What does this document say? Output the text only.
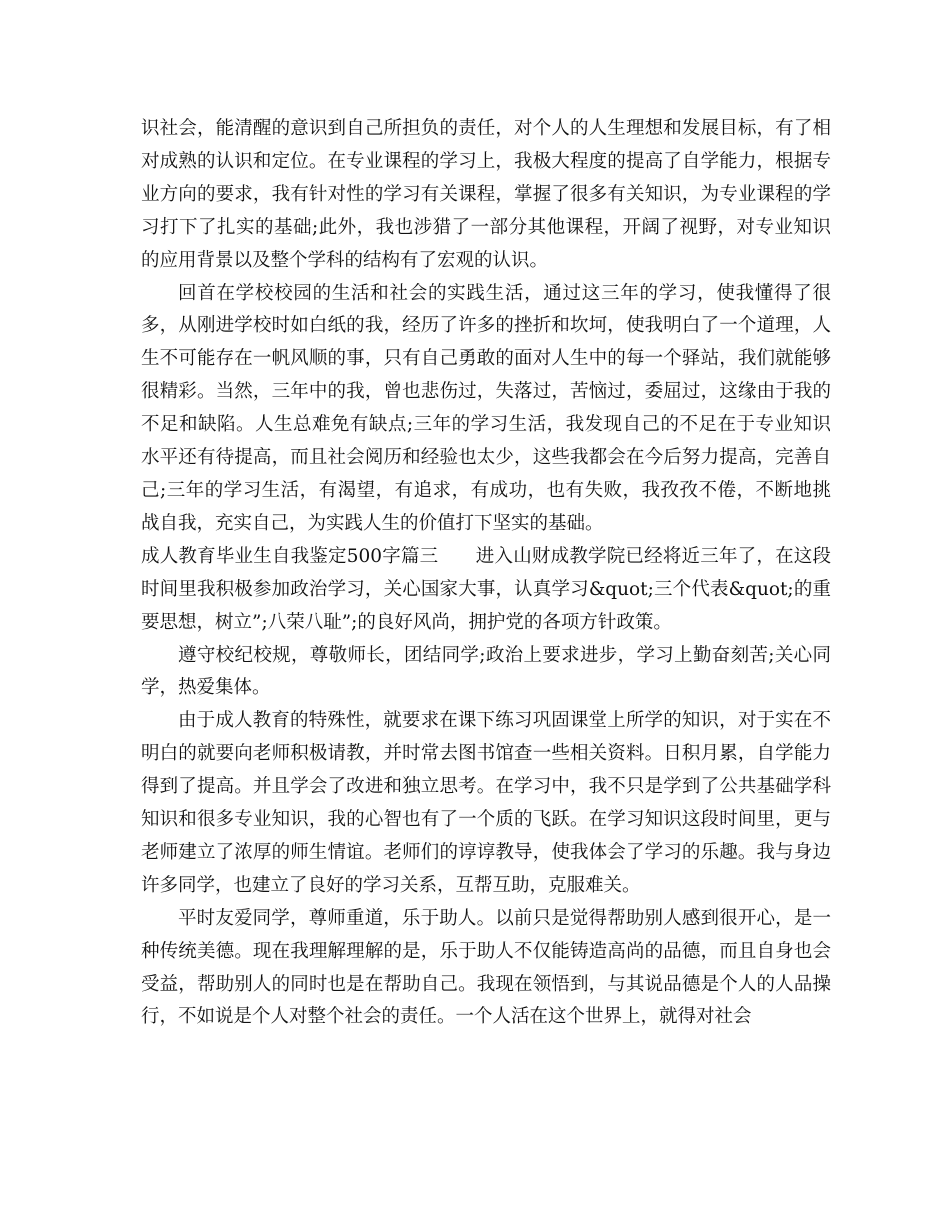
识社会，能清醒的意识到自己所担负的责任，对个人的人生理想和发展目标，有了相对成熟的认识和定位。在专业课程的学习上，我极大程度的提高了自学能力，根据专业方向的要求，我有针对性的学习有关课程，掌握了很多有关知识，为专业课程的学习打下了扎实的基础;此外，我也涉猎了一部分其他课程，开阔了视野，对专业知识的应用背景以及整个学科的结构有了宏观的认识。

回首在学校校园的生活和社会的实践生活，通过这三年的学习，使我懂得了很多，从刚进学校时如白纸的我，经历了许多的挫折和坎坷，使我明白了一个道理，人生不可能存在一帆风顺的事，只有自己勇敢的面对人生中的每一个驿站，我们就能够很精彩。当然，三年中的我，曾也悲伤过，失落过，苦恼过，委屈过，这缘由于我的不足和缺陷。人生总难免有缺点;三年的学习生活，我发现自己的不足在于专业知识水平还有待提高，而且社会阅历和经验也太少，这些我都会在今后努力提高，完善自己;三年的学习生活，有渴望，有追求，有成功，也有失败，我孜孜不倦，不断地挑战自我，充实自己，为实践人生的价值打下坚实的基础。

成人教育毕业生自我鉴定500字篇三　　进入山财成教学院已经将近三年了，在这段时间里我积极参加政治学习，关心国家大事，认真学习&quot;三个代表&quot;的重要思想，树立”;八荣八耻”;的良好风尚，拥护党的各项方针政策。

遵守校纪校规，尊敬师长，团结同学;政治上要求进步，学习上勤奋刻苦;关心同学，热爱集体。

由于成人教育的特殊性，就要求在课下练习巩固课堂上所学的知识，对于实在不明白的就要向老师积极请教，并时常去图书馆查一些相关资料。日积月累，自学能力得到了提高。并且学会了改进和独立思考。在学习中，我不只是学到了公共基础学科知识和很多专业知识，我的心智也有了一个质的飞跃。在学习知识这段时间里，更与老师建立了浓厚的师生情谊。老师们的谆谆教导，使我体会了学习的乐趣。我与身边许多同学，也建立了良好的学习关系，互帮互助，克服难关。

平时友爱同学，尊师重道，乐于助人。以前只是觉得帮助别人感到很开心，是一种传统美德。现在我理解理解的是，乐于助人不仅能铸造高尚的品德，而且自身也会受益，帮助别人的同时也是在帮助自己。我现在领悟到，与其说品德是个人的人品操行，不如说是个人对整个社会的责任。一个人活在这个世界上，就得对社会
